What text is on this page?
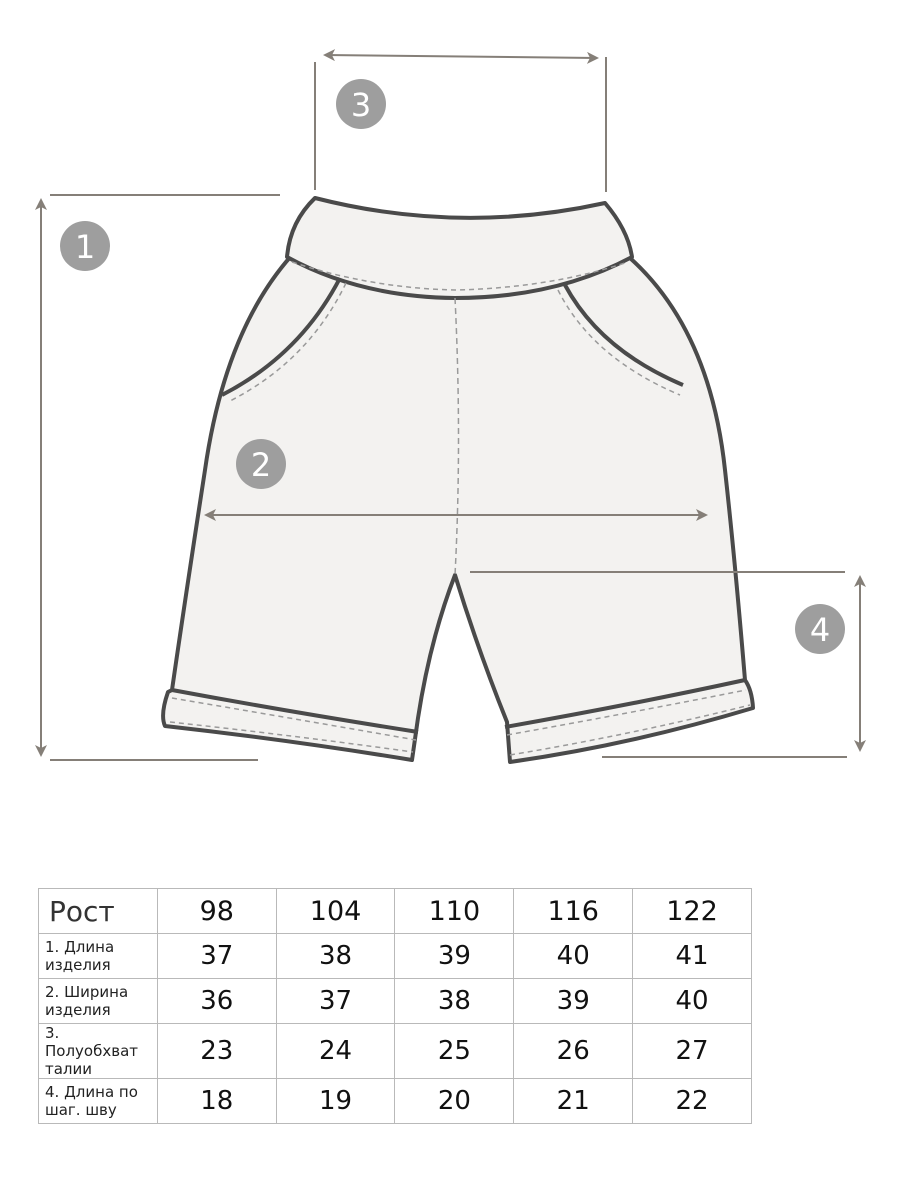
1
2
3
4
Рост	98	104	110	116	122
1. Длина изделия	37	38	39	40	41
2. Ширина изделия	36	37	38	39	40
3. Полуобхват талии	23	24	25	26	27
4. Длина по шаг. шву	18	19	20	21	22
